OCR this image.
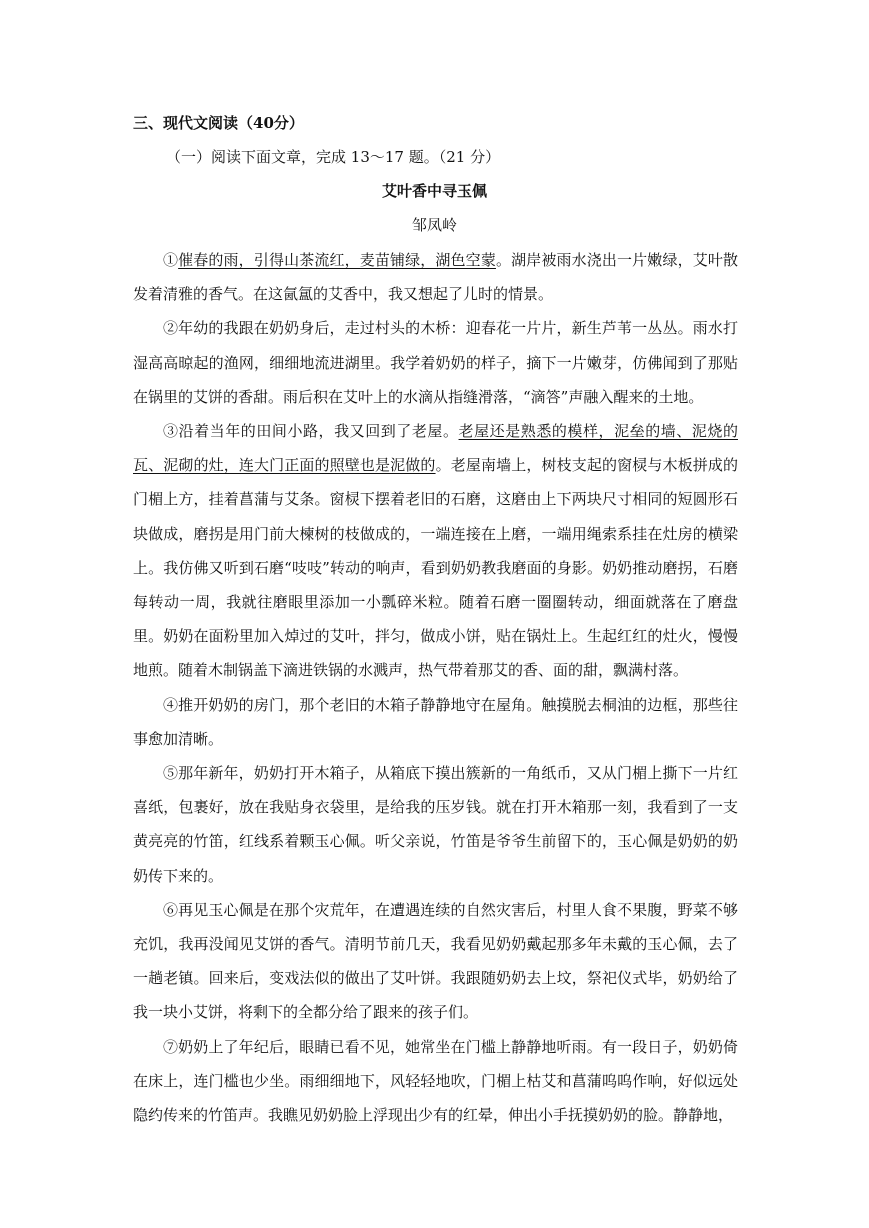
三、现代文阅读（40分）
（一）阅读下面文章，完成 13～17 题。（21 分）
艾叶香中寻玉佩
邹凤岭

①催春的雨，引得山茶流红，麦苗铺绿，湖色空蒙。湖岸被雨水浇出一片嫩绿，艾叶散发着清雅的香气。在这氤氲的艾香中，我又想起了儿时的情景。

②年幼的我跟在奶奶身后，走过村头的木桥：迎春花一片片，新生芦苇一丛丛。雨水打湿高高晾起的渔网，细细地流进湖里。我学着奶奶的样子，摘下一片嫩芽，仿佛闻到了那贴在锅里的艾饼的香甜。雨后积在艾叶上的水滴从指缝滑落，“滴答”声融入醒来的土地。

③沿着当年的田间小路，我又回到了老屋。老屋还是熟悉的模样，泥垒的墙、泥烧的瓦、泥砌的灶，连大门正面的照壁也是泥做的。老屋南墙上，树枝支起的窗棂与木板拼成的门楣上方，挂着菖蒲与艾条。窗棂下摆着老旧的石磨，这磨由上下两块尺寸相同的短圆形石块做成，磨拐是用门前大楝树的枝做成的，一端连接在上磨，一端用绳索系挂在灶房的横梁上。我仿佛又听到石磨“吱吱”转动的响声，看到奶奶教我磨面的身影。奶奶推动磨拐，石磨每转动一周，我就往磨眼里添加一小瓢碎米粒。随着石磨一圈圈转动，细面就落在了磨盘里。奶奶在面粉里加入焯过的艾叶，拌匀，做成小饼，贴在锅灶上。生起红红的灶火，慢慢地煎。随着木制锅盖下滴进铁锅的水溅声，热气带着那艾的香、面的甜，飘满村落。

④推开奶奶的房门，那个老旧的木箱子静静地守在屋角。触摸脱去桐油的边框，那些往事愈加清晰。

⑤那年新年，奶奶打开木箱子，从箱底下摸出簇新的一角纸币，又从门楣上撕下一片红喜纸，包裹好，放在我贴身衣袋里，是给我的压岁钱。就在打开木箱那一刻，我看到了一支黄亮亮的竹笛，红线系着颗玉心佩。听父亲说，竹笛是爷爷生前留下的，玉心佩是奶奶的奶奶传下来的。

⑥再见玉心佩是在那个灾荒年，在遭遇连续的自然灾害后，村里人食不果腹，野菜不够充饥，我再没闻见艾饼的香气。清明节前几天，我看见奶奶戴起那多年未戴的玉心佩，去了一趟老镇。回来后，变戏法似的做出了艾叶饼。我跟随奶奶去上坟，祭祀仪式毕，奶奶给了我一块小艾饼，将剩下的全都分给了跟来的孩子们。

⑦奶奶上了年纪后，眼睛已看不见，她常坐在门槛上静静地听雨。有一段日子，奶奶倚在床上，连门槛也少坐。雨细细地下，风轻轻地吹，门楣上枯艾和菖蒲呜呜作响，好似远处隐约传来的竹笛声。我瞧见奶奶脸上浮现出少有的红晕，伸出小手抚摸奶奶的脸。静静地，
